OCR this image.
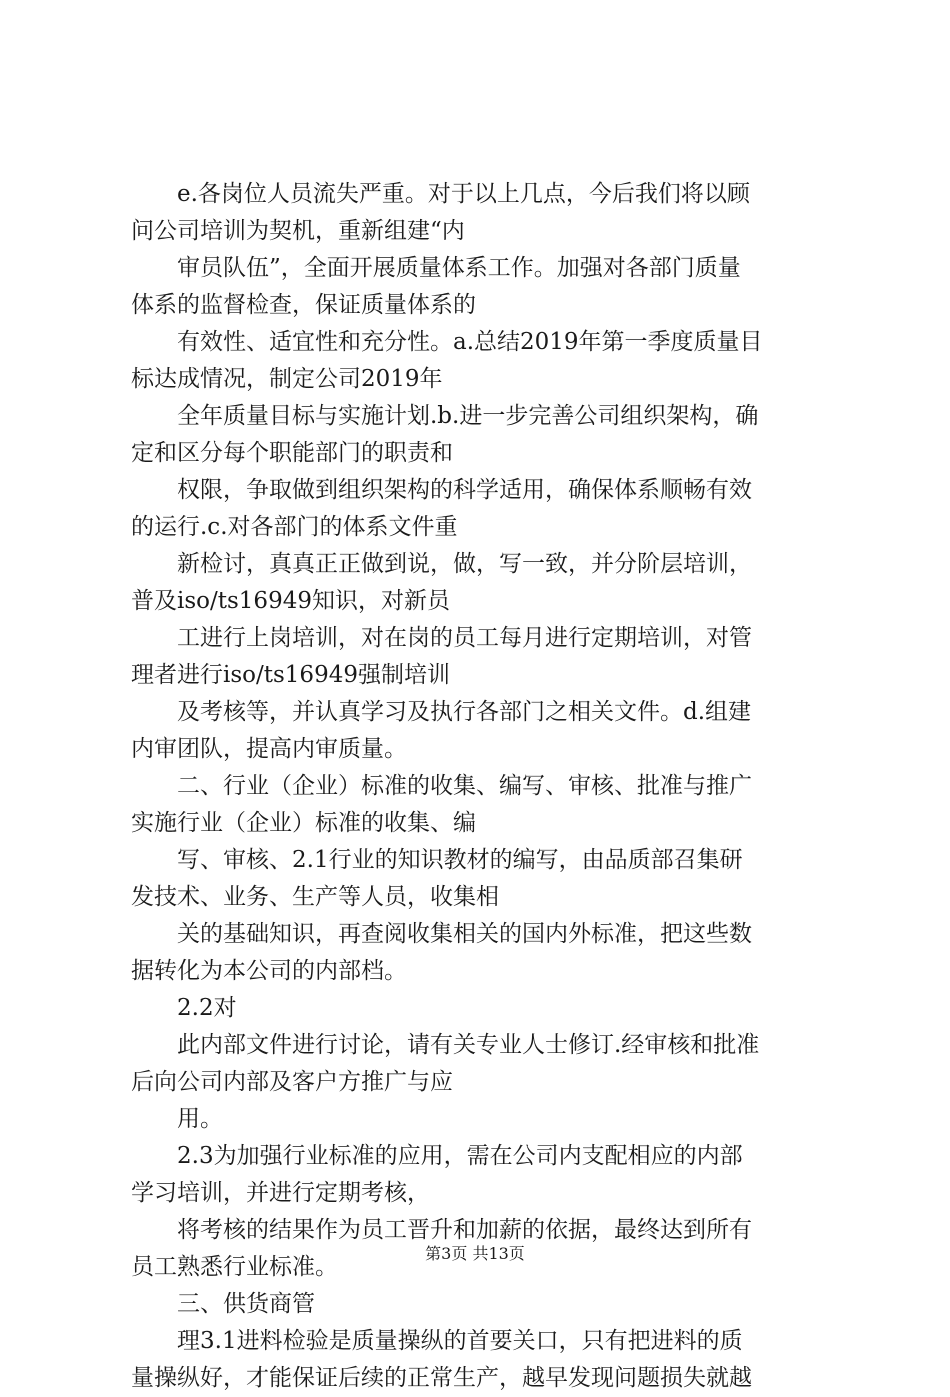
e.各岗位人员流失严重。对于以上几点，今后我们将以顾
问公司培训为契机，重新组建“内
审员队伍”，全面开展质量体系工作。加强对各部门质量
体系的监督检查，保证质量体系的
有效性、适宜性和充分性。a.总结2019年第一季度质量目
标达成情况，制定公司2019年
全年质量目标与实施计划.b.进一步完善公司组织架构，确
定和区分每个职能部门的职责和
权限，争取做到组织架构的科学适用，确保体系顺畅有效
的运行.c.对各部门的体系文件重
新检讨，真真正正做到说，做，写一致，并分阶层培训，
普及iso/ts16949知识，对新员
工进行上岗培训，对在岗的员工每月进行定期培训，对管
理者进行iso/ts16949强制培训
及考核等，并认真学习及执行各部门之相关文件。d.组建
内审团队，提高内审质量。
二、行业（企业）标准的收集、编写、审核、批准与推广
实施行业（企业）标准的收集、编
写、审核、2.1行业的知识教材的编写，由品质部召集研
发技术、业务、生产等人员，收集相
关的基础知识，再查阅收集相关的国内外标准，把这些数
据转化为本公司的内部档。
2.2对
此内部文件进行讨论，请有关专业人士修订.经审核和批准
后向公司内部及客户方推广与应
用。
2.3为加强行业标准的应用，需在公司内支配相应的内部
学习培训，并进行定期考核，
将考核的结果作为员工晋升和加薪的依据，最终达到所有
员工熟悉行业标准。
三、供货商管
理3.1进料检验是质量操纵的首要关口，只有把进料的质
量操纵好，才能保证后续的正常生产，越早发现问题损失就越
第3页 共13页
